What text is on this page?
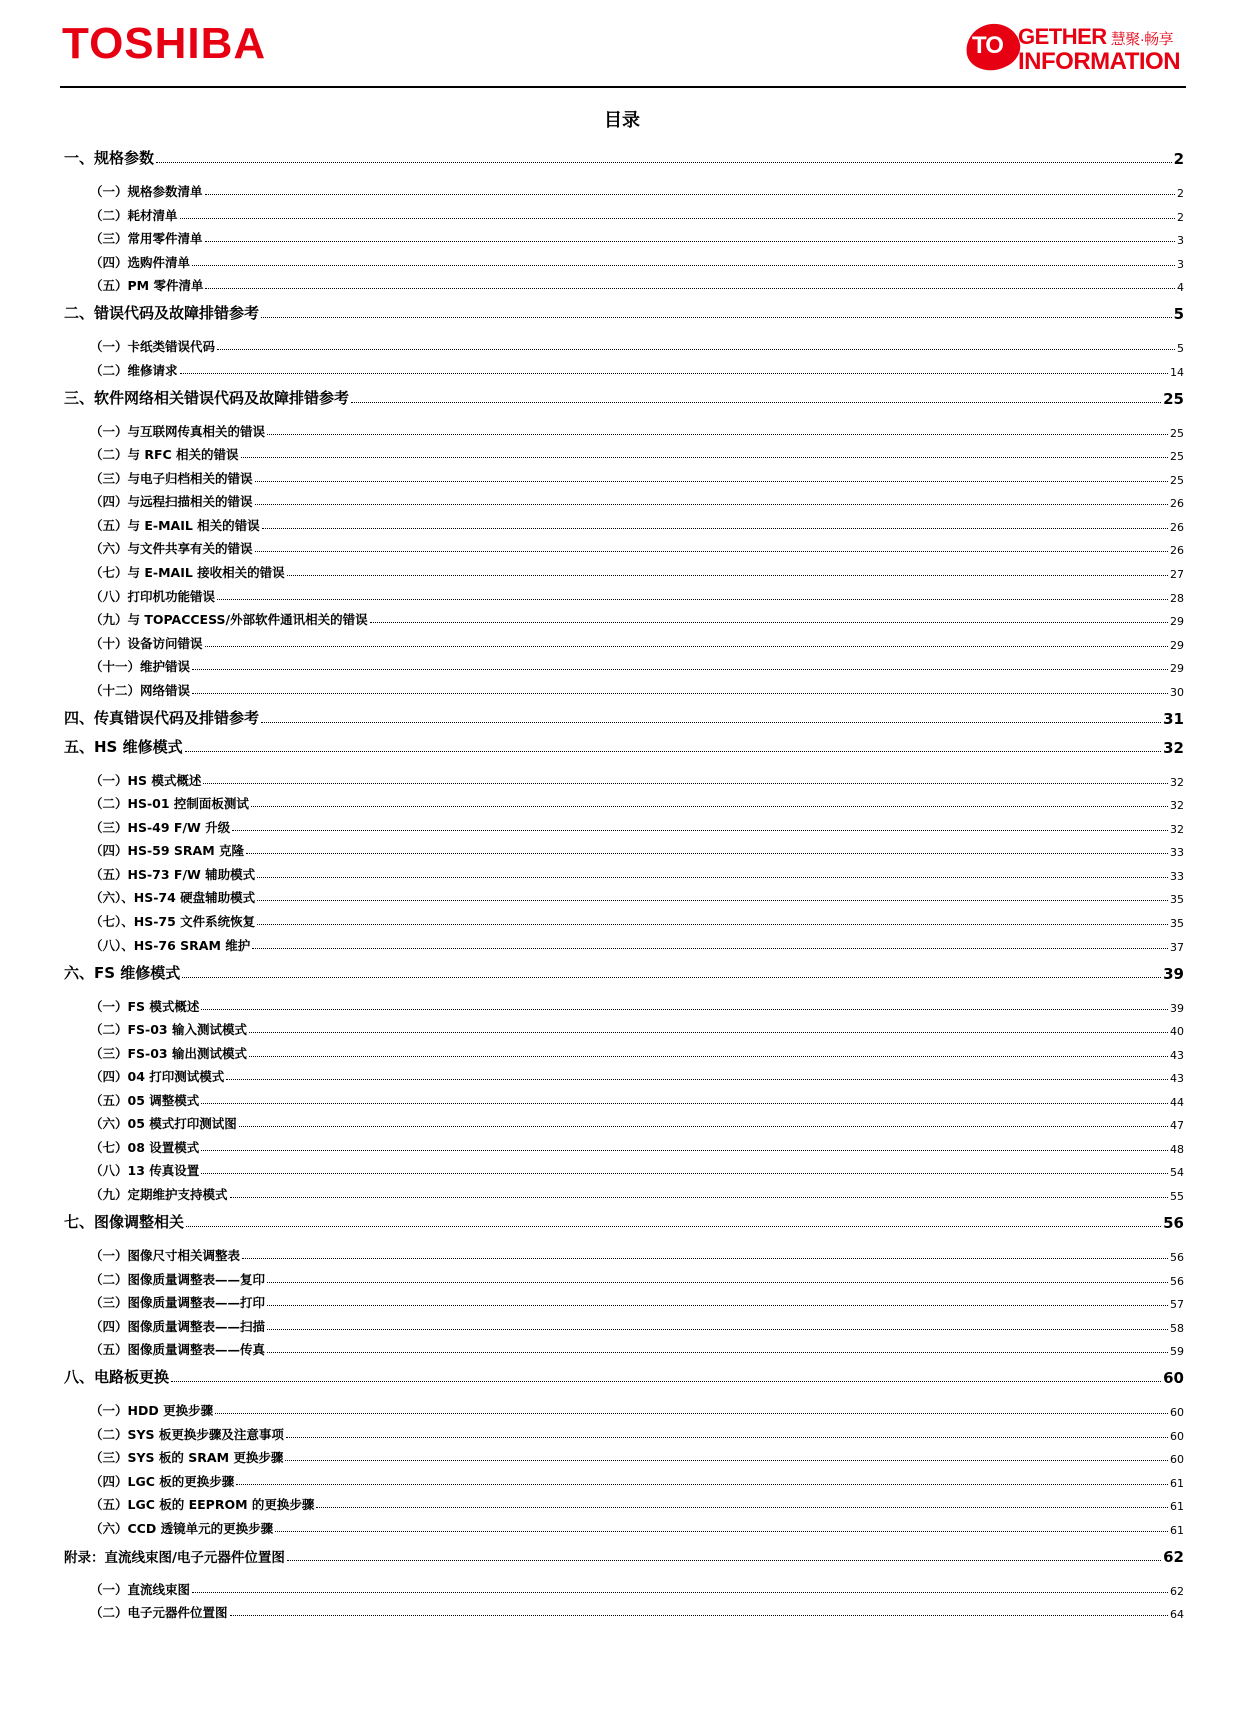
TOSHIBA	TO GETHER 慧聚·畅享
INFORMATION
目录
一、规格参数	2
（一）规格参数清单	2
（二）耗材清单	2
（三）常用零件清单	3
（四）选购件清单	3
（五）PM 零件清单	4
二、错误代码及故障排错参考	5
（一）卡纸类错误代码	5
（二）维修请求	14
三、软件网络相关错误代码及故障排错参考	25
（一）与互联网传真相关的错误	25
（二）与 RFC 相关的错误	25
（三）与电子归档相关的错误	25
（四）与远程扫描相关的错误	26
（五）与 E-MAIL 相关的错误	26
（六）与文件共享有关的错误	26
（七）与 E-MAIL 接收相关的错误	27
（八）打印机功能错误	28
（九）与 TOPACCESS/外部软件通讯相关的错误	29
（十）设备访问错误	29
（十一）维护错误	29
（十二）网络错误	30
四、传真错误代码及排错参考	31
五、HS 维修模式	32
（一）HS 模式概述	32
（二）HS-01 控制面板测试	32
（三）HS-49 F/W 升级	32
（四）HS-59 SRAM 克隆	33
（五）HS-73 F/W 辅助模式	33
（六）、HS-74 硬盘辅助模式	35
（七）、HS-75 文件系统恢复	35
（八）、HS-76 SRAM 维护	37
六、FS 维修模式	39
（一）FS 模式概述	39
（二）FS-03 输入测试模式	40
（三）FS-03 输出测试模式	43
（四）04 打印测试模式	43
（五）05 调整模式	44
（六）05 模式打印测试图	47
（七）08 设置模式	48
（八）13 传真设置	54
（九）定期维护支持模式	55
七、图像调整相关	56
（一）图像尺寸相关调整表	56
（二）图像质量调整表——复印	56
（三）图像质量调整表——打印	57
（四）图像质量调整表——扫描	58
（五）图像质量调整表——传真	59
八、电路板更换	60
（一）HDD 更换步骤	60
（二）SYS 板更换步骤及注意事项	60
（三）SYS 板的 SRAM 更换步骤	60
（四）LGC 板的更换步骤	61
（五）LGC 板的 EEPROM 的更换步骤	61
（六）CCD 透镜单元的更换步骤	61
附录：直流线束图/电子元器件位置图	62
（一）直流线束图	62
（二）电子元器件位置图	64
